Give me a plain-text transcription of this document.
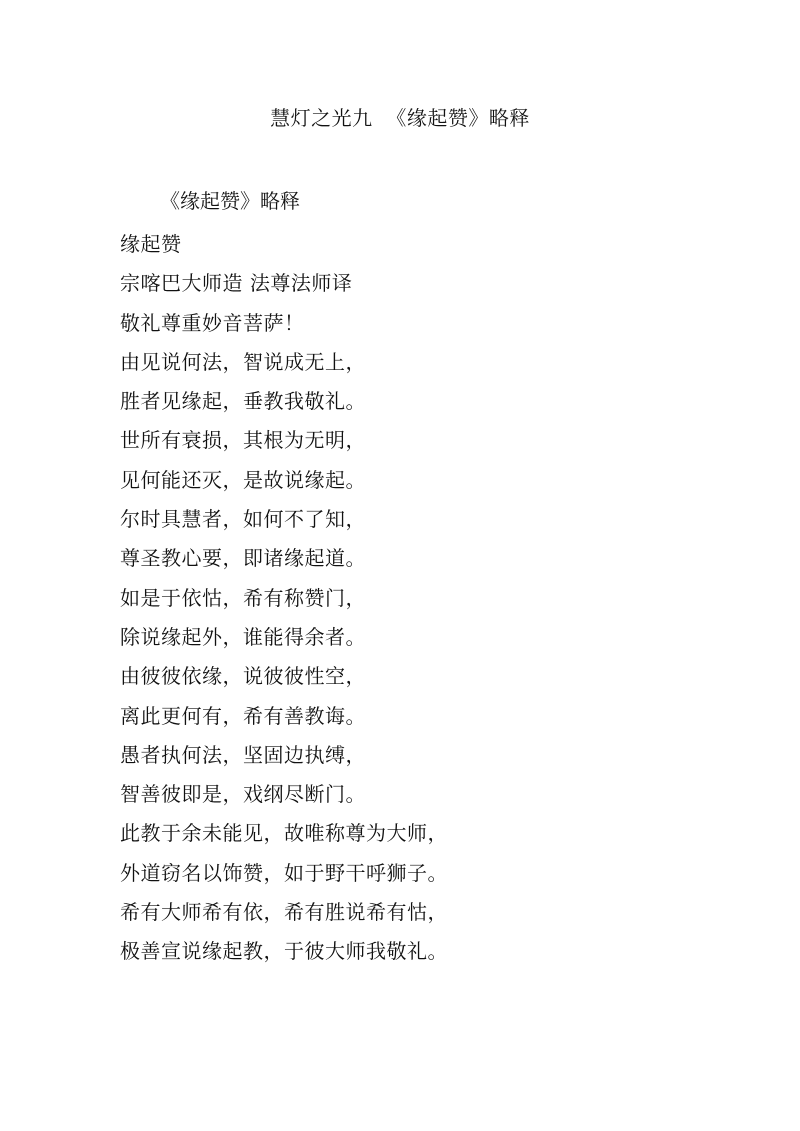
慧灯之光九  《缘起赞》略释
《缘起赞》略释
缘起赞
宗喀巴大师造 法尊法师译
敬礼尊重妙音菩萨！
由见说何法，智说成无上，
胜者见缘起，垂教我敬礼。
世所有衰损，其根为无明，
见何能还灭，是故说缘起。
尔时具慧者，如何不了知，
尊圣教心要，即诸缘起道。
如是于依怙，希有称赞门，
除说缘起外，谁能得余者。
由彼彼依缘，说彼彼性空，
离此更何有，希有善教诲。
愚者执何法，坚固边执缚，
智善彼即是，戏纲尽断门。
此教于余未能见，故唯称尊为大师，
外道窃名以饰赞，如于野干呼狮子。
希有大师希有依，希有胜说希有怙，
极善宣说缘起教，于彼大师我敬礼。
